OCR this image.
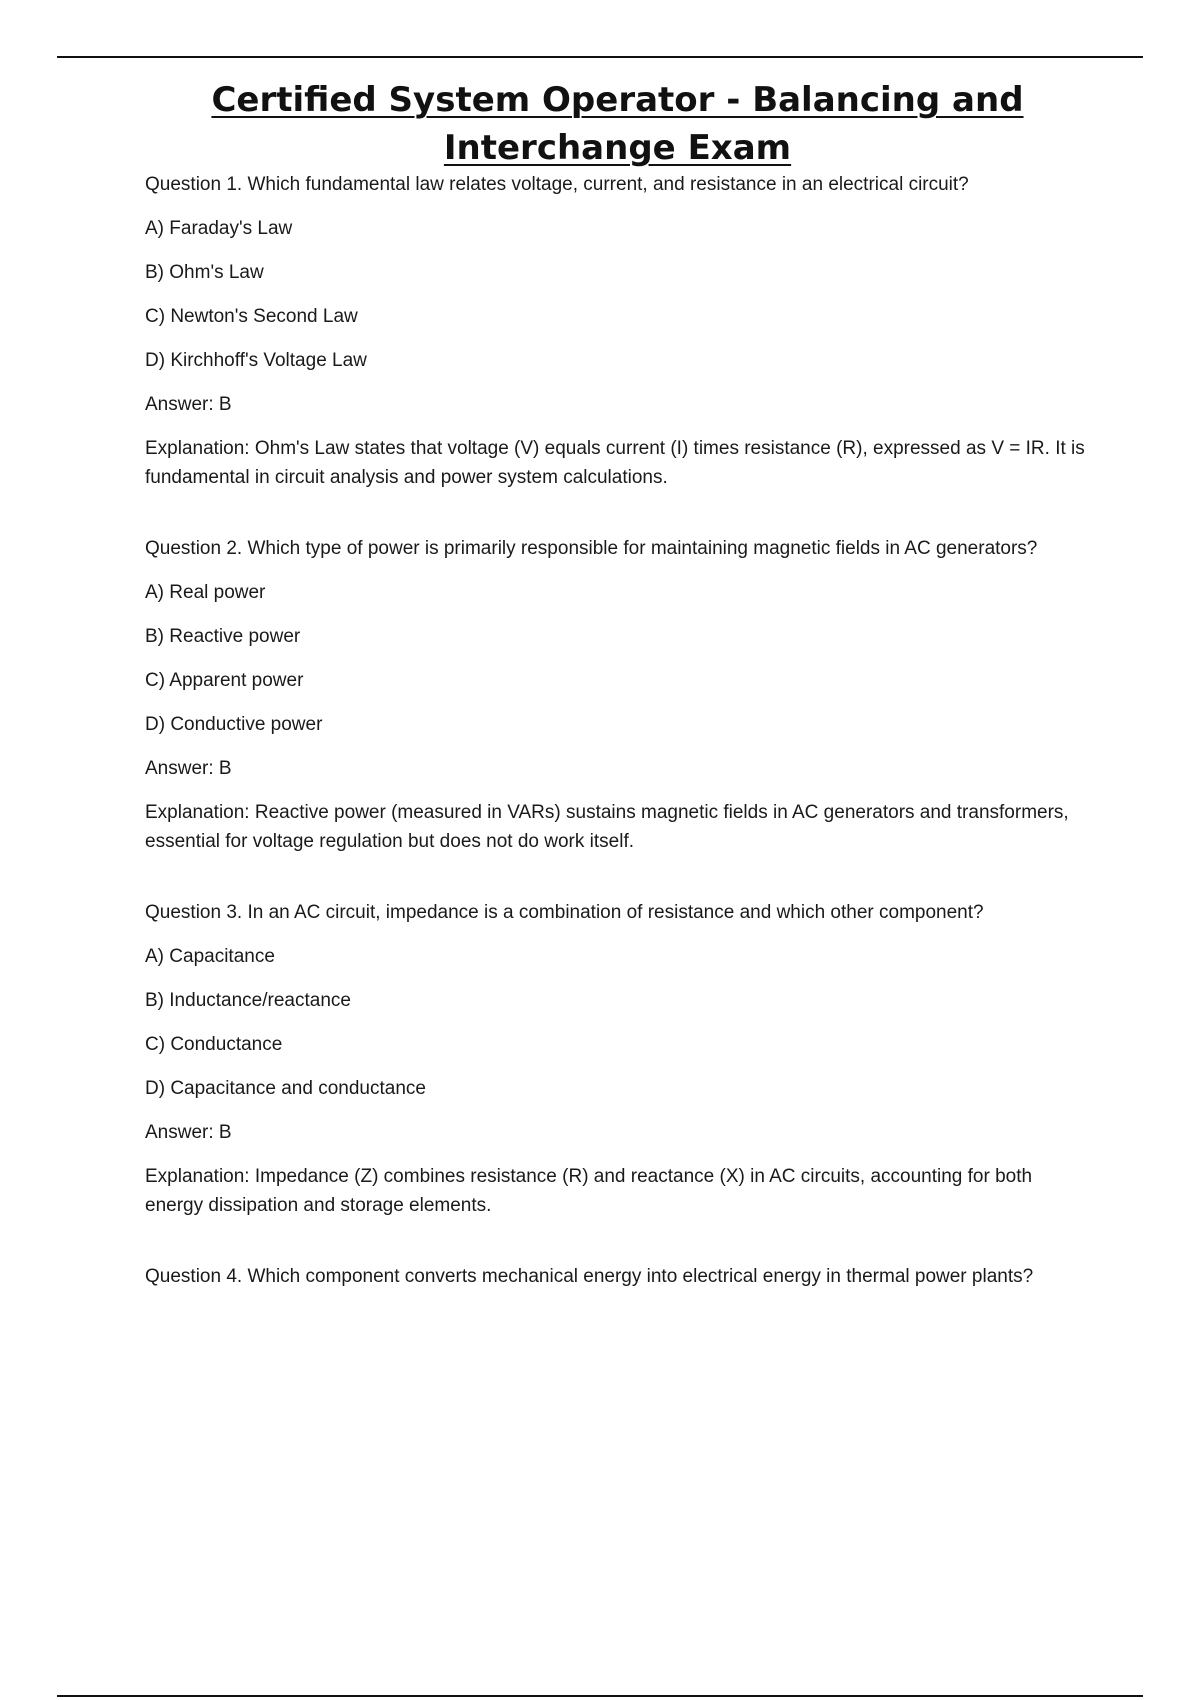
Certified System Operator - Balancing and Interchange Exam

Question 1. Which fundamental law relates voltage, current, and resistance in an electrical circuit?

A) Faraday's Law

B) Ohm's Law

C) Newton's Second Law

D) Kirchhoff's Voltage Law

Answer: B

Explanation: Ohm's Law states that voltage (V) equals current (I) times resistance (R), expressed as V = IR. It is fundamental in circuit analysis and power system calculations.

Question 2. Which type of power is primarily responsible for maintaining magnetic fields in AC generators?

A) Real power

B) Reactive power

C) Apparent power

D) Conductive power

Answer: B

Explanation: Reactive power (measured in VARs) sustains magnetic fields in AC generators and transformers, essential for voltage regulation but does not do work itself.

Question 3. In an AC circuit, impedance is a combination of resistance and which other component?

A) Capacitance

B) Inductance/reactance

C) Conductance

D) Capacitance and conductance

Answer: B

Explanation: Impedance (Z) combines resistance (R) and reactance (X) in AC circuits, accounting for both energy dissipation and storage elements.

Question 4. Which component converts mechanical energy into electrical energy in thermal power plants?
